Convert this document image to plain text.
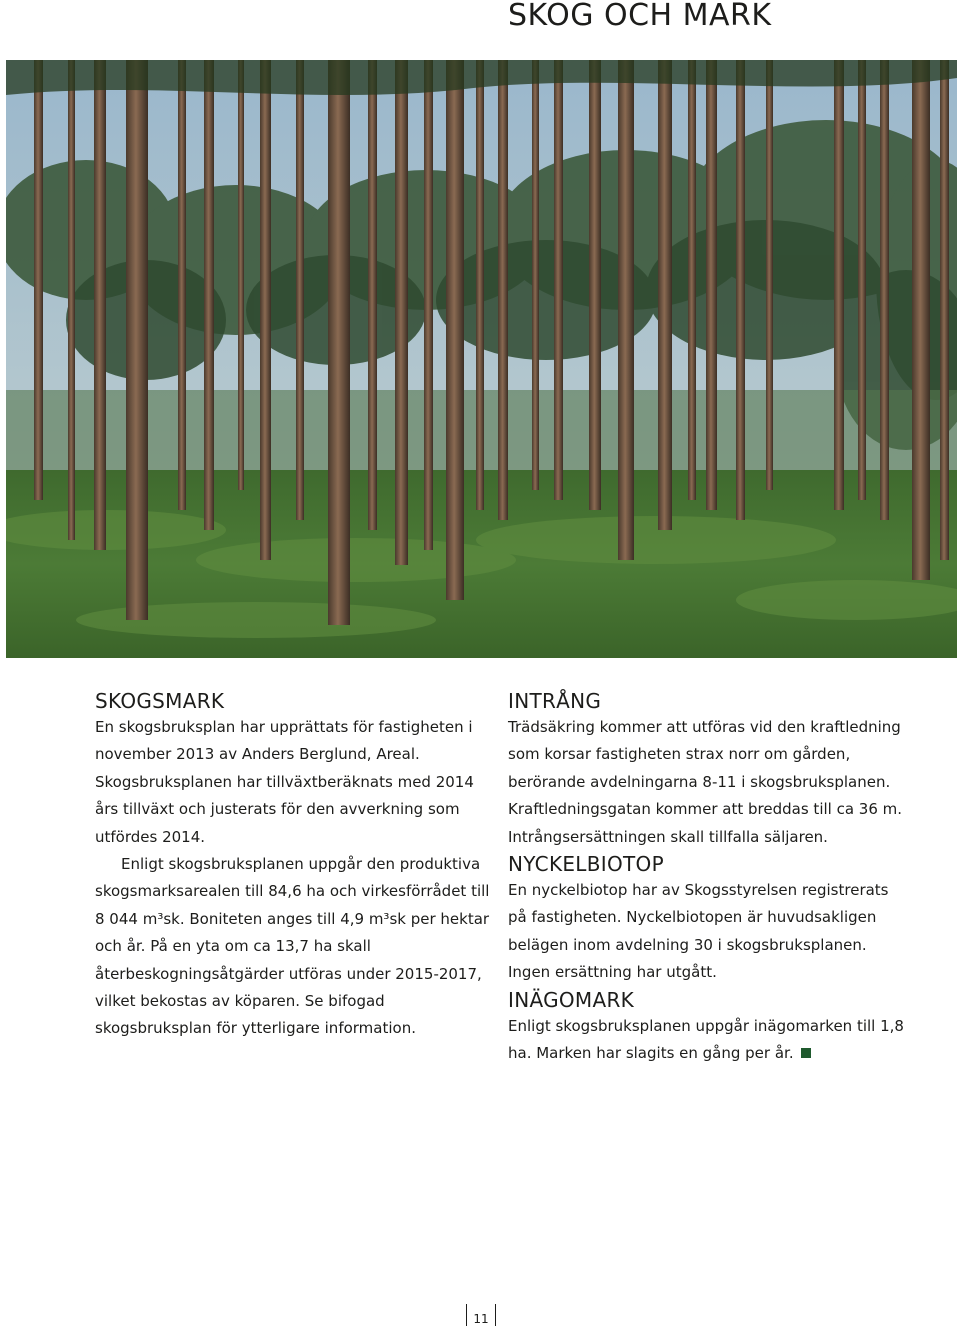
SKOG OCH MARK
SKOGSMARK

En skogsbruksplan har upprättats för fastigheten i november 2013 av Anders Berglund, Areal. Skogsbruksplanen har tillväxtberäknats med 2014 års tillväxt och justerats för den avverkning som utfördes 2014.

Enligt skogsbruksplanen uppgår den produktiva skogsmarksarealen till 84,6 ha och virkesförrådet till 8 044 m³sk. Boniteten anges till 4,9 m³sk per hektar och år. På en yta om ca 13,7 ha skall återbeskogningsåtgärder utföras under 2015-2017, vilket bekostas av köparen. Se bifogad skogsbruksplan för ytterligare information.

INTRÅNG

Trädsäkring kommer att utföras vid den kraftledning som korsar fastigheten strax norr om gården, berörande avdelningarna 8-11 i skogsbruksplanen. Kraftledningsgatan kommer att breddas till ca 36 m. Intrångsersättningen skall tillfalla säljaren.

NYCKELBIOTOP

En nyckelbiotop har av Skogsstyrelsen registrerats på fastigheten. Nyckelbiotopen är huvudsakligen belägen inom avdelning 30 i skogsbruksplanen. Ingen ersättning har utgått.

INÄGOMARK

Enligt skogsbruksplanen uppgår inägomarken till 1,8 ha. Marken har slagits en gång per år.

11
